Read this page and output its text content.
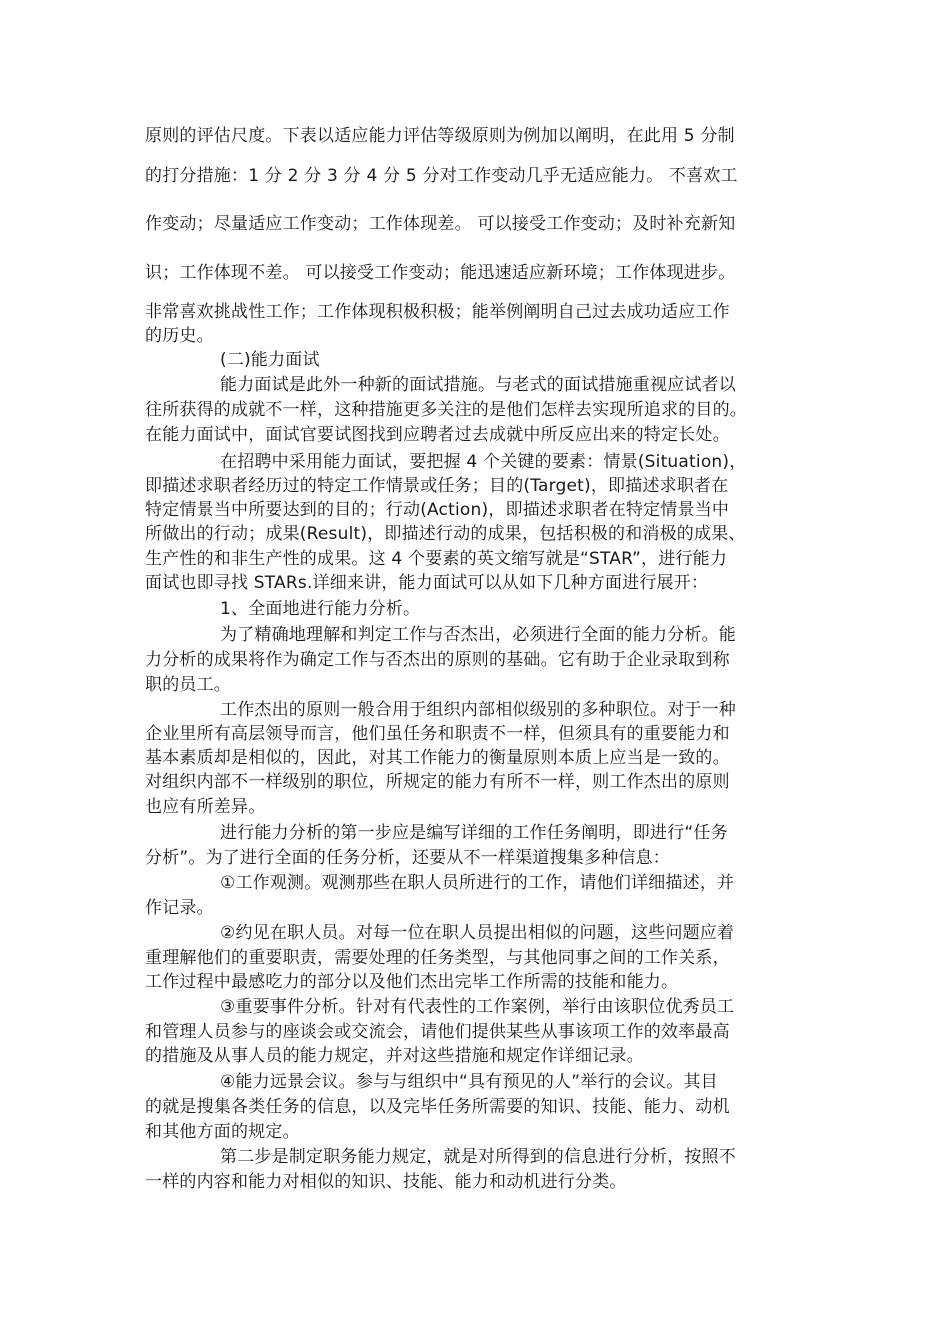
原则的评估尺度。下表以适应能力评估等级原则为例加以阐明，在此用 5 分制
的打分措施：1 分 2 分 3 分 4 分 5 分对工作变动几乎无适应能力。 不喜欢工
作变动；尽量适应工作变动；工作体现差。 可以接受工作变动；及时补充新知
识；工作体现不差。 可以接受工作变动；能迅速适应新环境；工作体现进步。
非常喜欢挑战性工作；工作体现积极积极；能举例阐明自己过去成功适应工作
的历史。
(二)能力面试
能力面试是此外一种新的面试措施。与老式的面试措施重视应试者以
往所获得的成就不一样，这种措施更多关注的是他们怎样去实现所追求的目的。
在能力面试中，面试官要试图找到应聘者过去成就中所反应出来的特定长处。
在招聘中采用能力面试，要把握 4 个关键的要素：情景(Situation)，
即描述求职者经历过的特定工作情景或任务；目的(Target)，即描述求职者在
特定情景当中所要达到的目的；行动(Action)，即描述求职者在特定情景当中
所做出的行动；成果(Result)，即描述行动的成果，包括积极的和消极的成果、
生产性的和非生产性的成果。这 4 个要素的英文缩写就是“STAR”，进行能力
面试也即寻找 STARs.详细来讲，能力面试可以从如下几种方面进行展开：
1、全面地进行能力分析。
为了精确地理解和判定工作与否杰出，必须进行全面的能力分析。能
力分析的成果将作为确定工作与否杰出的原则的基础。它有助于企业录取到称
职的员工。
工作杰出的原则一般合用于组织内部相似级别的多种职位。对于一种
企业里所有高层领导而言，他们虽任务和职责不一样，但须具有的重要能力和
基本素质却是相似的，因此，对其工作能力的衡量原则本质上应当是一致的。
对组织内部不一样级别的职位，所规定的能力有所不一样，则工作杰出的原则
也应有所差异。
进行能力分析的第一步应是编写详细的工作任务阐明，即进行“任务
分析”。为了进行全面的任务分析，还要从不一样渠道搜集多种信息：
①工作观测。观测那些在职人员所进行的工作，请他们详细描述，并
作记录。
②约见在职人员。对每一位在职人员提出相似的问题，这些问题应着
重理解他们的重要职责，需要处理的任务类型，与其他同事之间的工作关系，
工作过程中最感吃力的部分以及他们杰出完毕工作所需的技能和能力。
③重要事件分析。针对有代表性的工作案例，举行由该职位优秀员工
和管理人员参与的座谈会或交流会，请他们提供某些从事该项工作的效率最高
的措施及从事人员的能力规定，并对这些措施和规定作详细记录。
④能力远景会议。参与与组织中“具有预见的人”举行的会议。其目
的就是搜集各类任务的信息，以及完毕任务所需要的知识、技能、能力、动机
和其他方面的规定。
第二步是制定职务能力规定，就是对所得到的信息进行分析，按照不
一样的内容和能力对相似的知识、技能、能力和动机进行分类。
